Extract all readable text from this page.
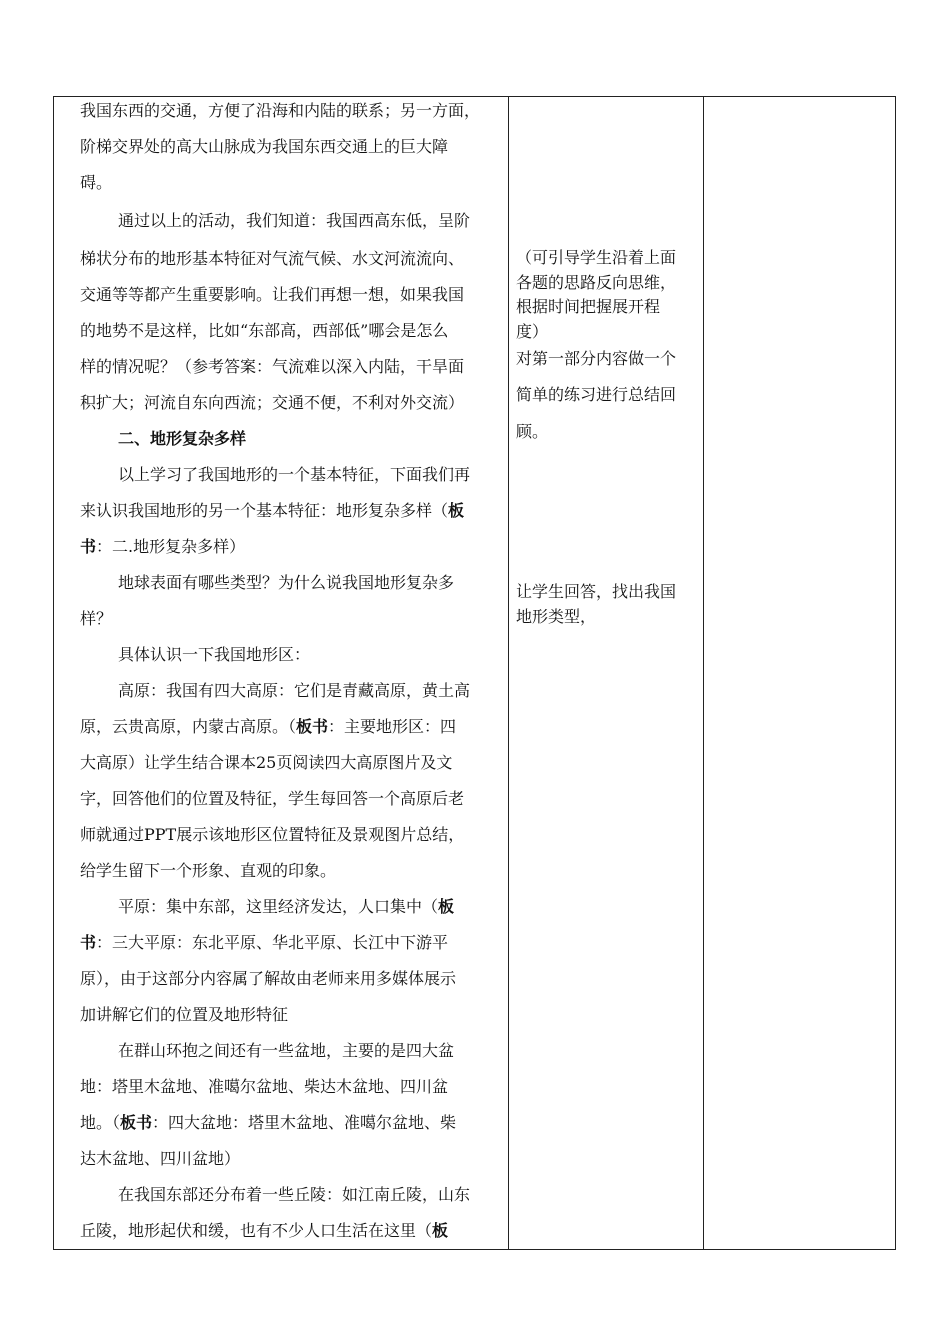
我国东西的交通，方便了沿海和内陆的联系；另一方面，
阶梯交界处的高大山脉成为我国东西交通上的巨大障
碍。
通过以上的活动，我们知道：我国西高东低，呈阶
梯状分布的地形基本特征对气流气候、水文河流流向、
交通等等都产生重要影响。让我们再想一想，如果我国
的地势不是这样，比如“东部高，西部低”哪会是怎么
样的情况呢？（参考答案：气流难以深入内陆，干旱面
积扩大；河流自东向西流；交通不便，不利对外交流）
二、地形复杂多样
以上学习了我国地形的一个基本特征，下面我们再
来认识我国地形的另一个基本特征：地形复杂多样（板
书：二.地形复杂多样）
地球表面有哪些类型？为什么说我国地形复杂多
样？
具体认识一下我国地形区：
高原：我国有四大高原：它们是青藏高原，黄土高
原，云贵高原，内蒙古高原。（板书：主要地形区：四
大高原）让学生结合课本25页阅读四大高原图片及文
字，回答他们的位置及特征，学生每回答一个高原后老
师就通过PPT展示该地形区位置特征及景观图片总结，
给学生留下一个形象、直观的印象。
平原：集中东部，这里经济发达，人口集中（板
书：三大平原：东北平原、华北平原、长江中下游平
原），由于这部分内容属了解故由老师来用多媒体展示
加讲解它们的位置及地形特征
在群山环抱之间还有一些盆地，主要的是四大盆
地：塔里木盆地、准噶尔盆地、柴达木盆地、四川盆
地。（板书：四大盆地：塔里木盆地、准噶尔盆地、柴
达木盆地、四川盆地）
在我国东部还分布着一些丘陵：如江南丘陵，山东
丘陵，地形起伏和缓，也有不少人口生活在这里（板
（可引导学生沿着上面
各题的思路反向思维，
根据时间把握展开程
度）
对第一部分内容做一个
简单的练习进行总结回
顾。
让学生回答，找出我国
地形类型，
